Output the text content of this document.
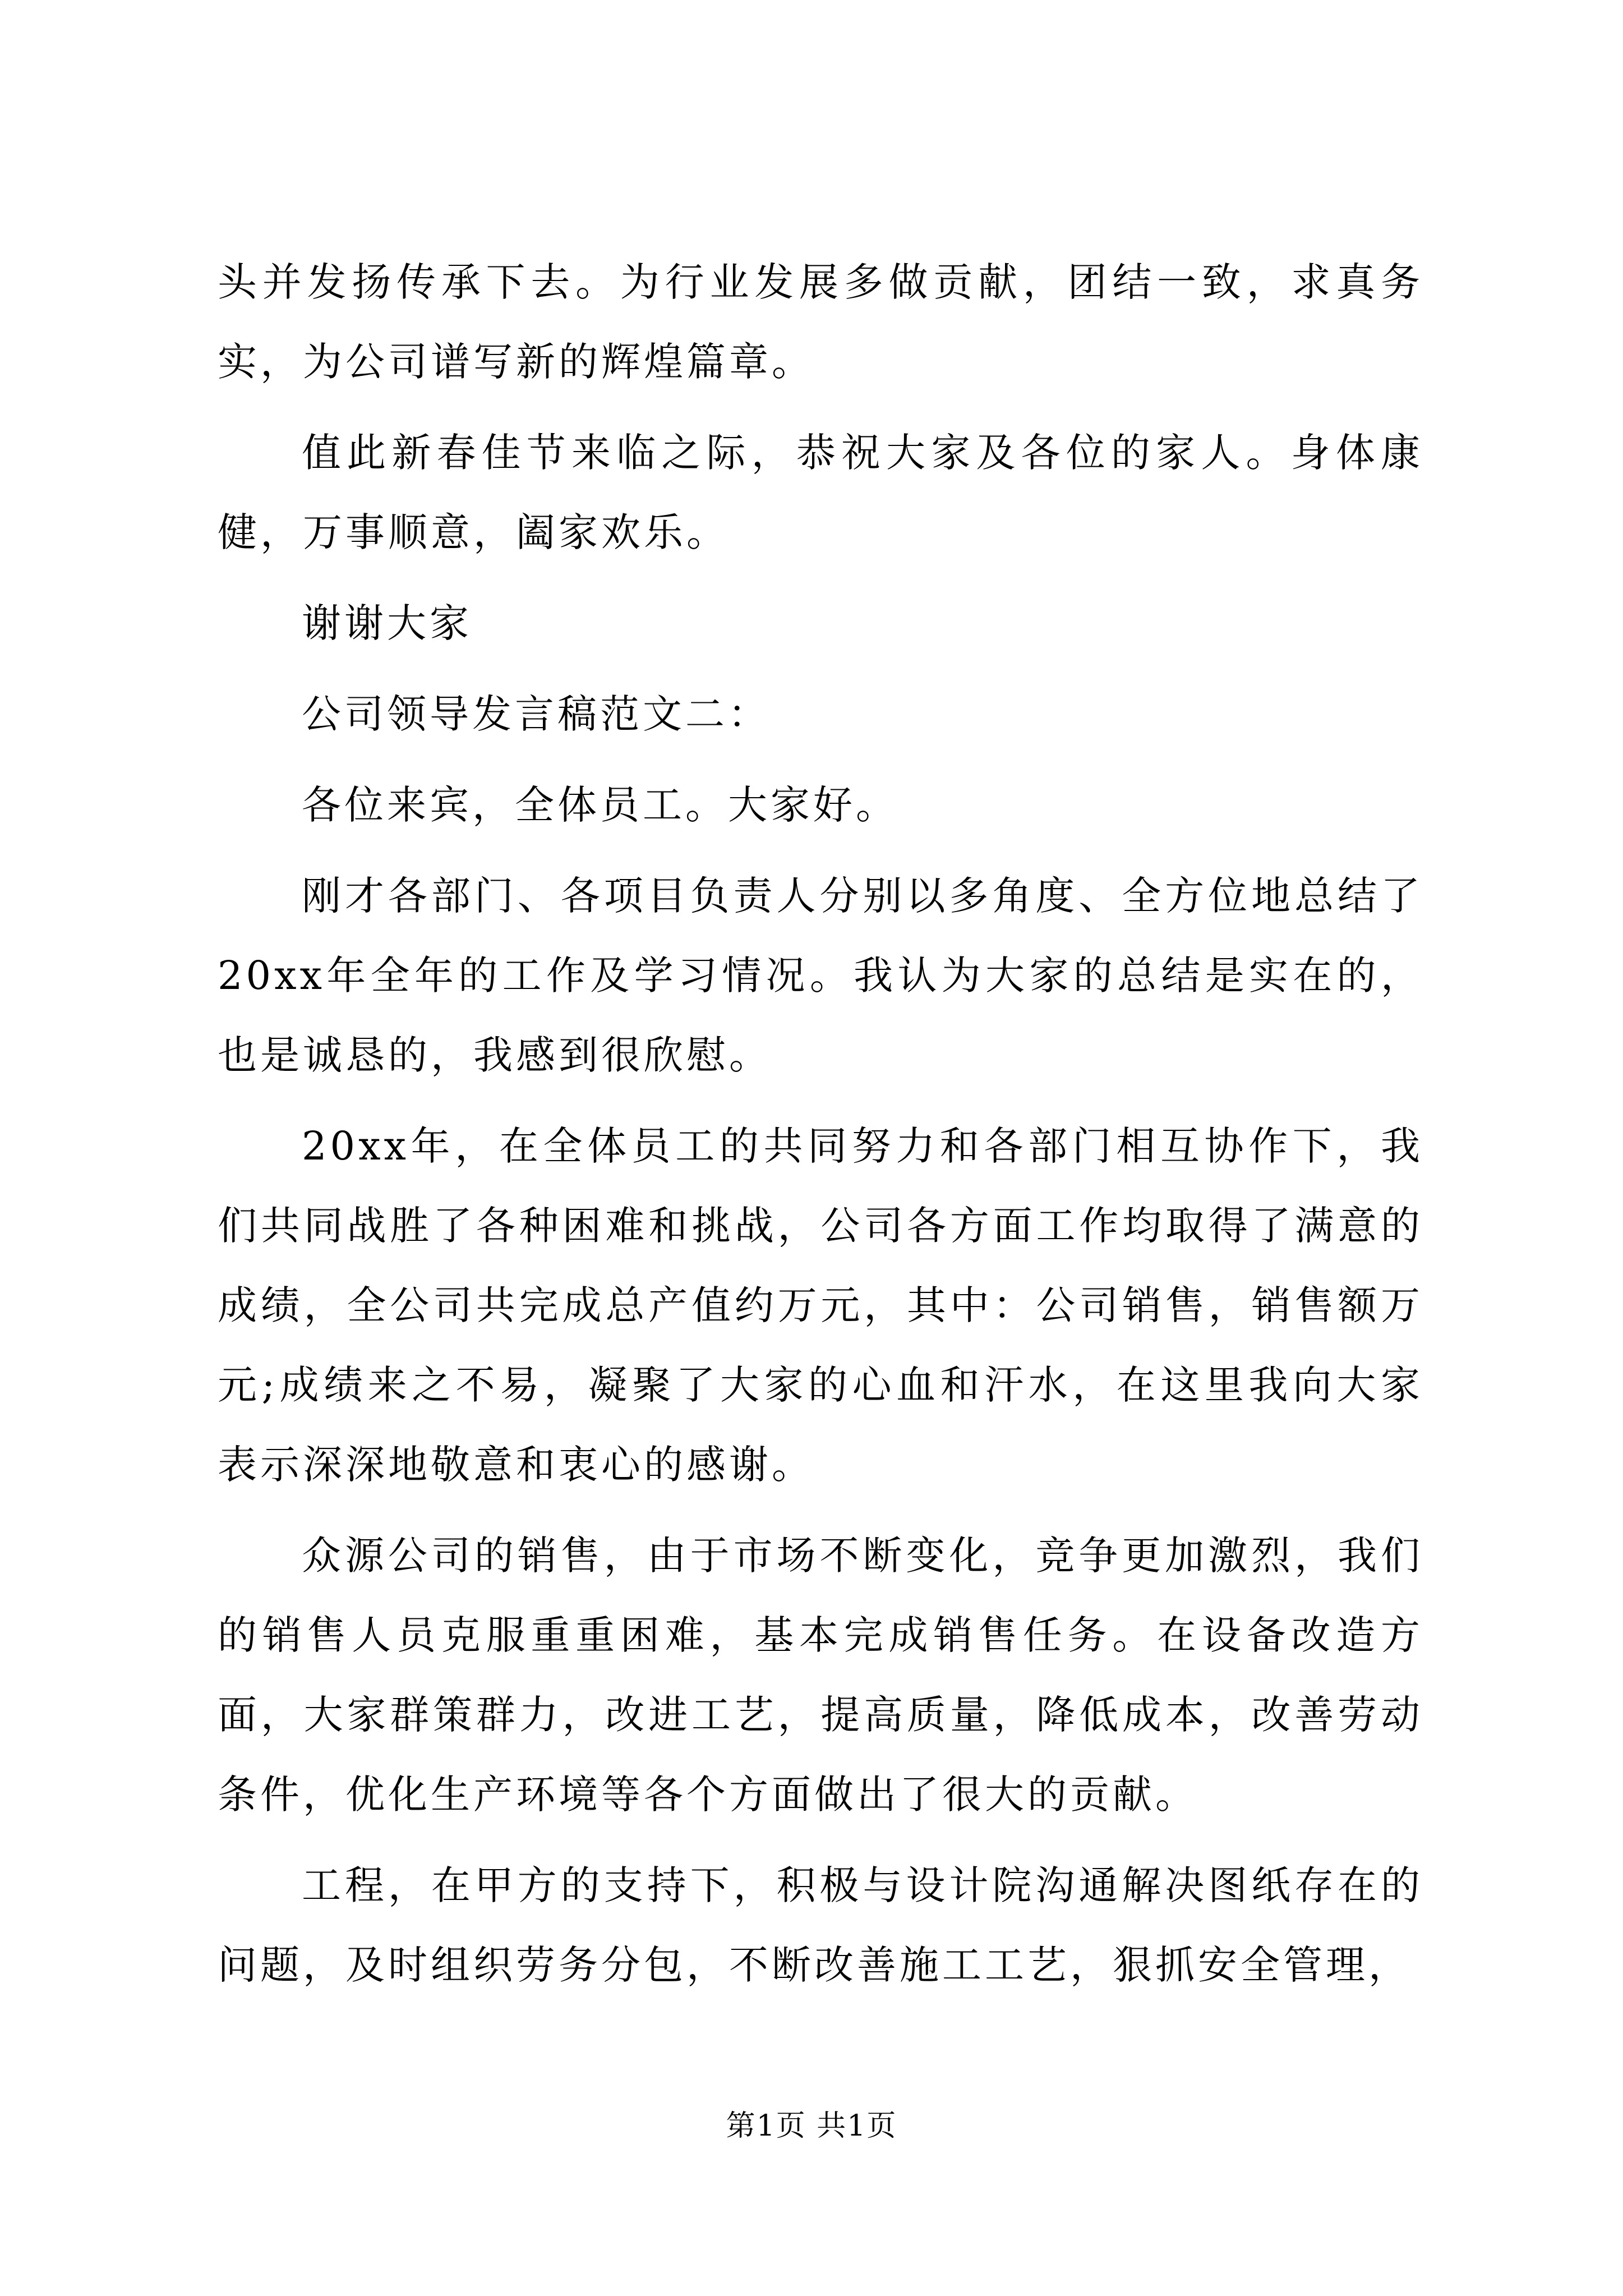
头并发扬传承下去。为行业发展多做贡献，团结一致，求真务实，为公司谱写新的辉煌篇章。

值此新春佳节来临之际，恭祝大家及各位的家人。身体康健，万事顺意，阖家欢乐。

谢谢大家

公司领导发言稿范文二：

各位来宾，全体员工。大家好。

刚才各部门、各项目负责人分别以多角度、全方位地总结了20xx年全年的工作及学习情况。我认为大家的总结是实在的，也是诚恳的，我感到很欣慰。

20xx年，在全体员工的共同努力和各部门相互协作下，我们共同战胜了各种困难和挑战，公司各方面工作均取得了满意的成绩，全公司共完成总产值约万元，其中：公司销售，销售额万元;成绩来之不易，凝聚了大家的心血和汗水，在这里我向大家表示深深地敬意和衷心的感谢。

众源公司的销售，由于市场不断变化，竞争更加激烈，我们的销售人员克服重重困难，基本完成销售任务。在设备改造方面，大家群策群力，改进工艺，提高质量，降低成本，改善劳动条件，优化生产环境等各个方面做出了很大的贡献。

工程，在甲方的支持下，积极与设计院沟通解决图纸存在的问题，及时组织劳务分包，不断改善施工工艺，狠抓安全管理，

第1页 共1页
